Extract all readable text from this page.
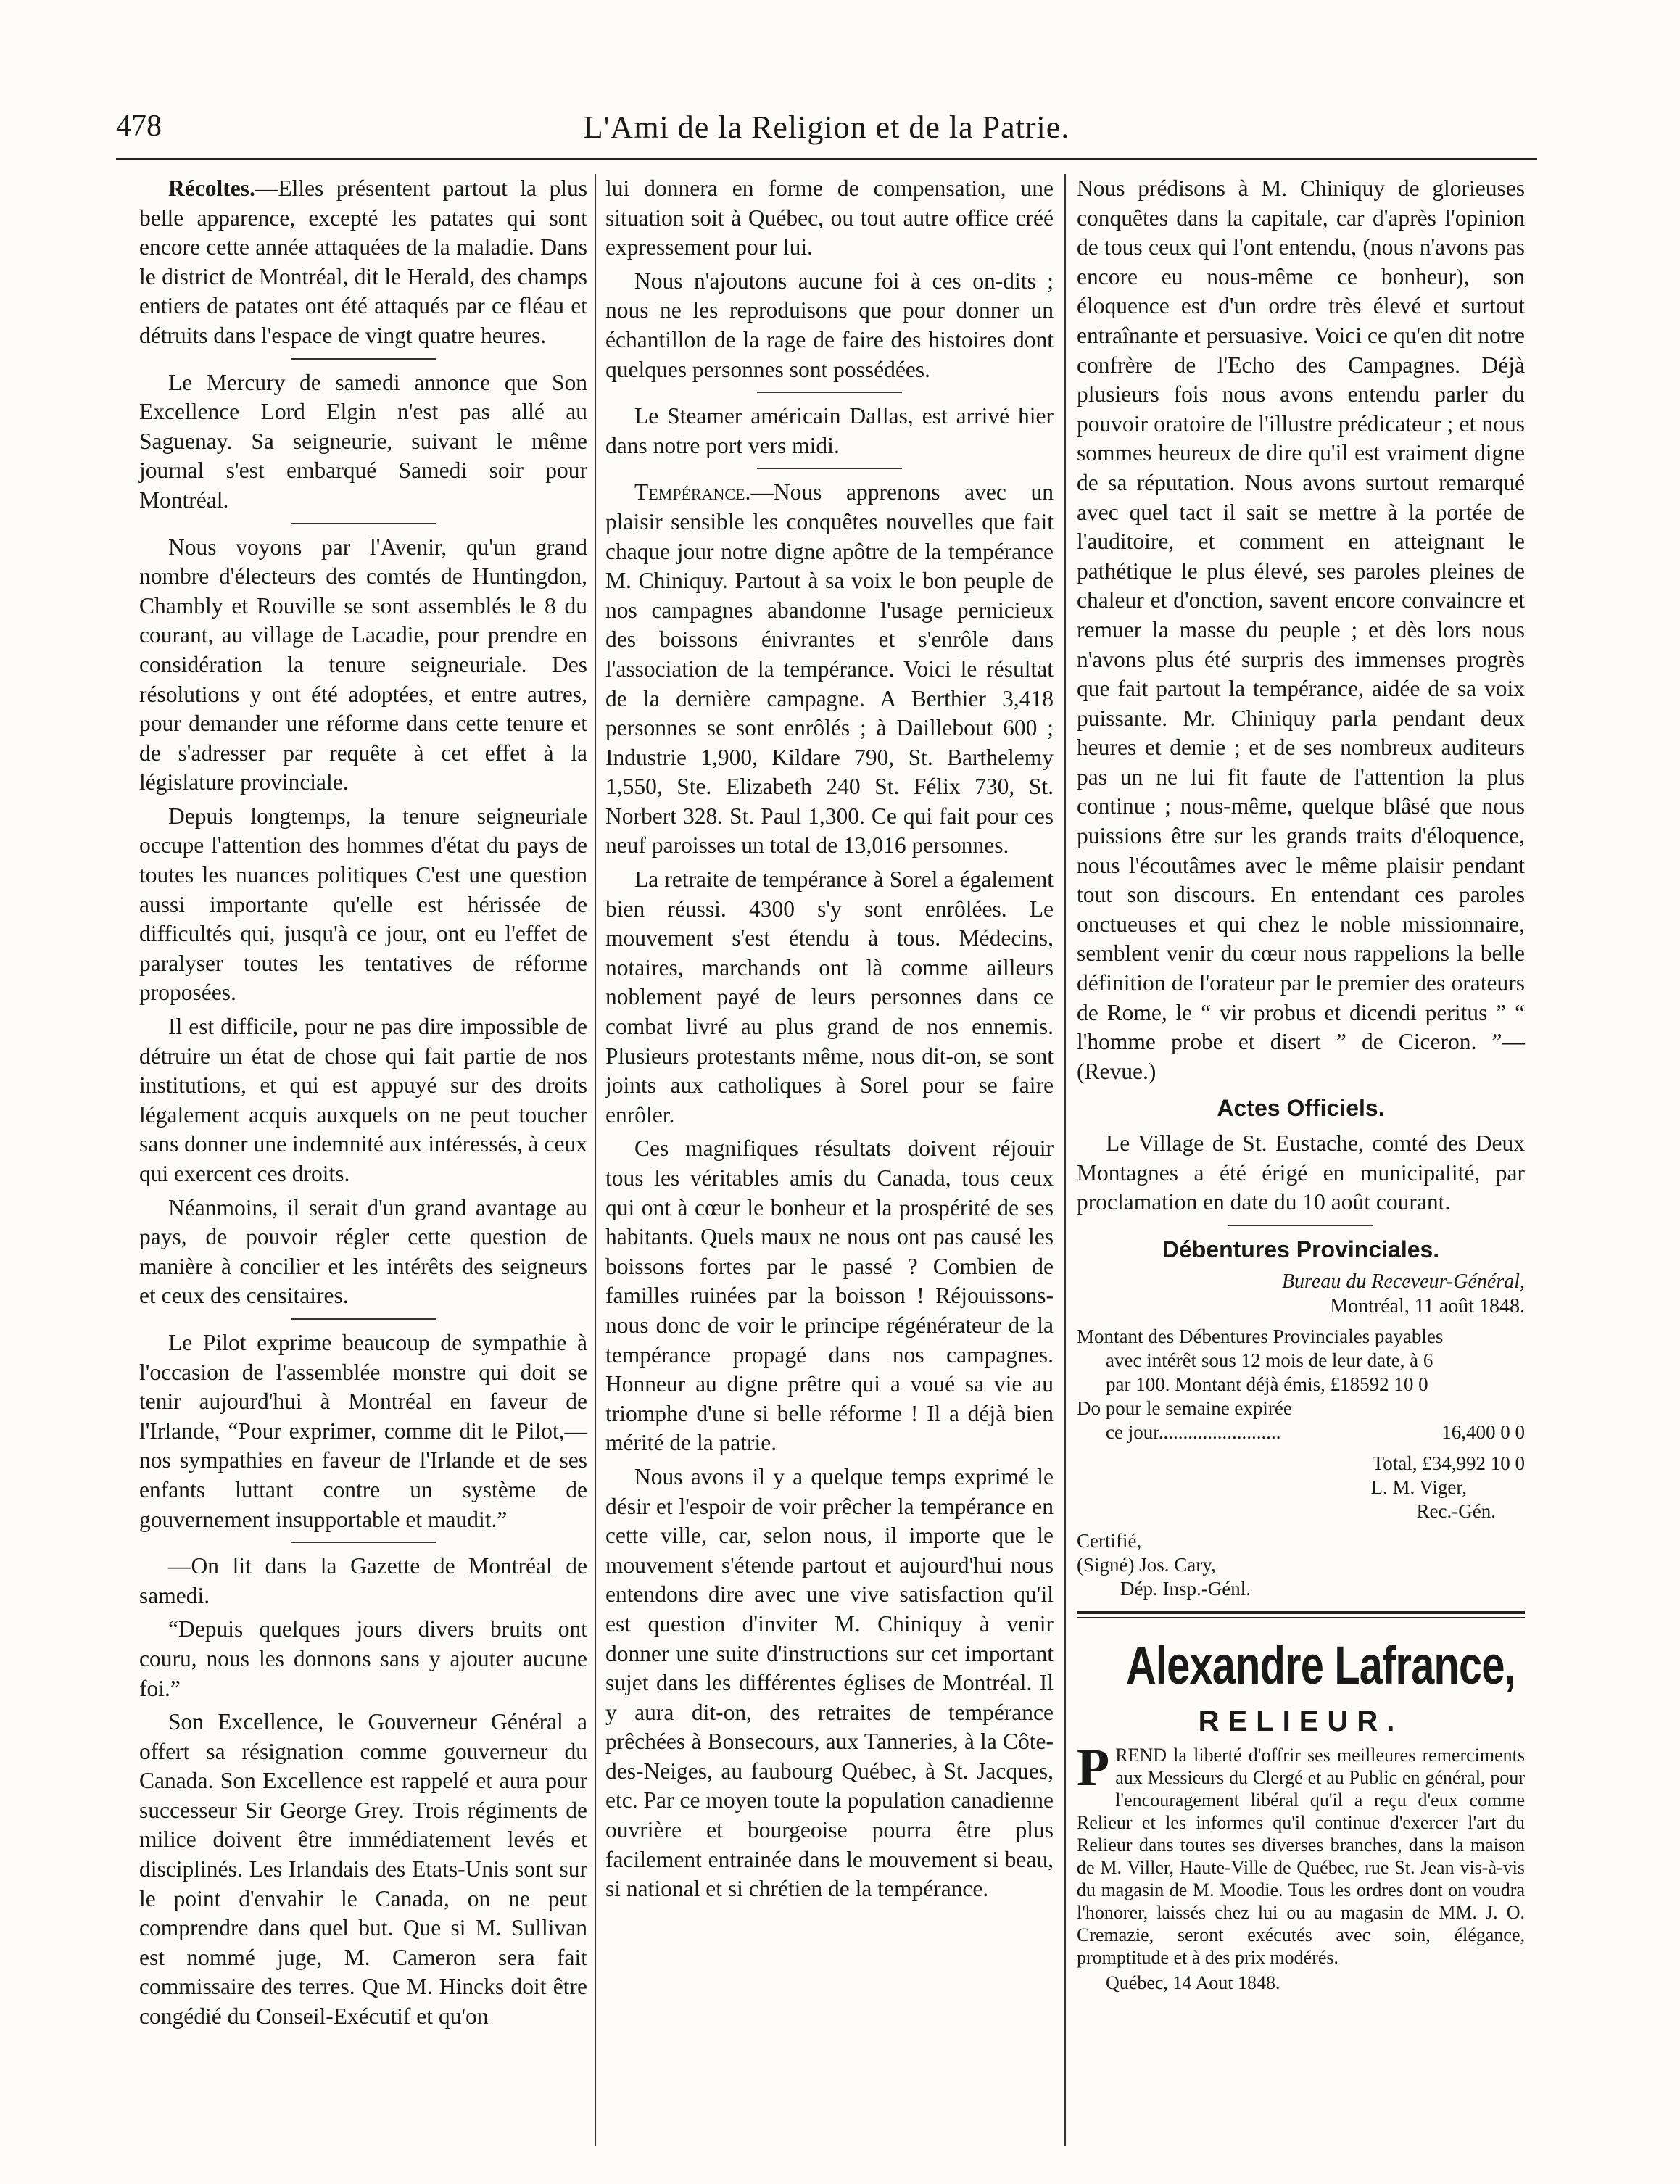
478	L'Ami de la Religion et de la Patrie.

Récoltes.—Elles présentent partout la plus belle apparence, excepté les patates qui sont encore cette année attaquées de la maladie. Dans le district de Montréal, dit le Herald, des champs entiers de patates ont été attaqués par ce fléau et détruits dans l'espace de vingt quatre heures.

Le Mercury de samedi annonce que Son Excellence Lord Elgin n'est pas allé au Saguenay. Sa seigneurie, suivant le même journal s'est embarqué Samedi soir pour Montréal.

Nous voyons par l'Avenir, qu'un grand nombre d'électeurs des comtés de Huntingdon, Chambly et Rouville se sont assemblés le 8 du courant, au village de Lacadie, pour prendre en considération la tenure seigneuriale. Des résolutions y ont été adoptées, et entre autres, pour demander une réforme dans cette tenure et de s'adresser par requête à cet effet à la législature provinciale.

Depuis longtemps, la tenure seigneuriale occupe l'attention des hommes d'état du pays de toutes les nuances politiques C'est une question aussi importante qu'elle est hérissée de difficultés qui, jusqu'à ce jour, ont eu l'effet de paralyser toutes les tentatives de réforme proposées.

Il est difficile, pour ne pas dire impossible de détruire un état de chose qui fait partie de nos institutions, et qui est appuyé sur des droits légalement acquis auxquels on ne peut toucher sans donner une indemnité aux intéressés, à ceux qui exercent ces droits.

Néanmoins, il serait d'un grand avantage au pays, de pouvoir régler cette question de manière à concilier et les intérêts des seigneurs et ceux des censitaires.

Le Pilot exprime beaucoup de sympathie à l'occasion de l'assemblée monstre qui doit se tenir aujourd'hui à Montréal en faveur de l'Irlande, “Pour exprimer, comme dit le Pilot,—nos sympathies en faveur de l'Irlande et de ses enfants luttant contre un système de gouvernement insupportable et maudit.”

—On lit dans la Gazette de Montréal de samedi.

“Depuis quelques jours divers bruits ont couru, nous les donnons sans y ajouter aucune foi.”

Son Excellence, le Gouverneur Général a offert sa résignation comme gouverneur du Canada. Son Excellence est rappelé et aura pour successeur Sir George Grey. Trois régiments de milice doivent être immédiatement levés et disciplinés. Les Irlandais des Etats-Unis sont sur le point d'envahir le Canada, on ne peut comprendre dans quel but. Que si M. Sullivan est nommé juge, M. Cameron sera fait commissaire des terres. Que M. Hincks doit être congédié du Conseil-Exécutif et qu'on

lui donnera en forme de compensation, une situation soit à Québec, ou tout autre office créé expressement pour lui.

Nous n'ajoutons aucune foi à ces on-dits ; nous ne les reproduisons que pour donner un échantillon de la rage de faire des histoires dont quelques personnes sont possédées.

Le Steamer américain Dallas, est arrivé hier dans notre port vers midi.

Tempérance.—Nous apprenons avec un plaisir sensible les conquêtes nouvelles que fait chaque jour notre digne apôtre de la tempérance M. Chiniquy. Partout à sa voix le bon peuple de nos campagnes abandonne l'usage pernicieux des boissons énivrantes et s'enrôle dans l'association de la tempérance. Voici le résultat de la dernière campagne. A Berthier 3,418 personnes se sont enrôlés ; à Daillebout 600 ; Industrie 1,900, Kildare 790, St. Barthelemy 1,550, Ste. Elizabeth 240 St. Félix 730, St. Norbert 328. St. Paul 1,300. Ce qui fait pour ces neuf paroisses un total de 13,016 personnes.

La retraite de tempérance à Sorel a également bien réussi. 4300 s'y sont enrôlées. Le mouvement s'est étendu à tous. Médecins, notaires, marchands ont là comme ailleurs noblement payé de leurs personnes dans ce combat livré au plus grand de nos ennemis. Plusieurs protestants même, nous dit-on, se sont joints aux catholiques à Sorel pour se faire enrôler.

Ces magnifiques résultats doivent réjouir tous les véritables amis du Canada, tous ceux qui ont à cœur le bonheur et la prospérité de ses habitants. Quels maux ne nous ont pas causé les boissons fortes par le passé ? Combien de familles ruinées par la boisson ! Réjouissons-nous donc de voir le principe régénérateur de la tempérance propagé dans nos campagnes. Honneur au digne prêtre qui a voué sa vie au triomphe d'une si belle réforme ! Il a déjà bien mérité de la patrie.

Nous avons il y a quelque temps exprimé le désir et l'espoir de voir prêcher la tempérance en cette ville, car, selon nous, il importe que le mouvement s'étende partout et aujourd'hui nous entendons dire avec une vive satisfaction qu'il est question d'inviter M. Chiniquy à venir donner une suite d'instructions sur cet important sujet dans les différentes églises de Montréal. Il y aura dit-on, des retraites de tempérance prêchées à Bonsecours, aux Tanneries, à la Côte-des-Neiges, au faubourg Québec, à St. Jacques, etc. Par ce moyen toute la population canadienne ouvrière et bourgeoise pourra être plus facilement entrainée dans le mouvement si beau, si national et si chrétien de la tempérance.

Nous prédisons à M. Chiniquy de glorieuses conquêtes dans la capitale, car d'après l'opinion de tous ceux qui l'ont entendu, (nous n'avons pas encore eu nous-même ce bonheur), son éloquence est d'un ordre très élevé et surtout entraînante et persuasive. Voici ce qu'en dit notre confrère de l'Echo des Campagnes. Déjà plusieurs fois nous avons entendu parler du pouvoir oratoire de l'illustre prédicateur ; et nous sommes heureux de dire qu'il est vraiment digne de sa réputation. Nous avons surtout remarqué avec quel tact il sait se mettre à la portée de l'auditoire, et comment en atteignant le pathétique le plus élevé, ses paroles pleines de chaleur et d'onction, savent encore convaincre et remuer la masse du peuple ; et dès lors nous n'avons plus été surpris des immenses progrès que fait partout la tempérance, aidée de sa voix puissante. Mr. Chiniquy parla pendant deux heures et demie ; et de ses nombreux auditeurs pas un ne lui fit faute de l'attention la plus continue ; nous-même, quelque blâsé que nous puissions être sur les grands traits d'éloquence, nous l'écoutâmes avec le même plaisir pendant tout son discours. En entendant ces paroles onctueuses et qui chez le noble missionnaire, semblent venir du cœur nous rappelions la belle définition de l'orateur par le premier des orateurs de Rome, le “ vir probus et dicendi peritus ” “ l'homme probe et disert ” de Ciceron. ”—(Revue.)

Actes Officiels.

Le Village de St. Eustache, comté des Deux Montagnes a été érigé en municipalité, par proclamation en date du 10 août courant.

Débentures Provinciales.
Bureau du Receveur-Général,
Montréal, 11 août 1848.
Montant des Débentures Provinciales payables
avec intérêt sous 12 mois de leur date, à 6
par 100. Montant déjà émis, £18592 10 0
Do pour le semaine expirée
ce jour.........................	16,400 0 0
Total, £34,992 10 0
L. M. Viger,
Rec.-Gén.
Certifié,
(Signé) Jos. Cary,
Dép. Insp.-Génl.
Alexandre Lafrance,
RELIEUR.
PREND la liberté d'offrir ses meilleures remerciments aux Messieurs du Clergé et au Public en général, pour l'encouragement libéral qu'il a reçu d'eux comme Relieur et les informes qu'il continue d'exercer l'art du Relieur dans toutes ses diverses branches, dans la maison de M. Viller, Haute-Ville de Québec, rue St. Jean vis-à-vis du magasin de M. Moodie. Tous les ordres dont on voudra l'honorer, laissés chez lui ou au magasin de MM. J. O. Cremazie, seront exécutés avec soin, élégance, promptitude et à des prix modérés.
Québec, 14 Aout 1848.
